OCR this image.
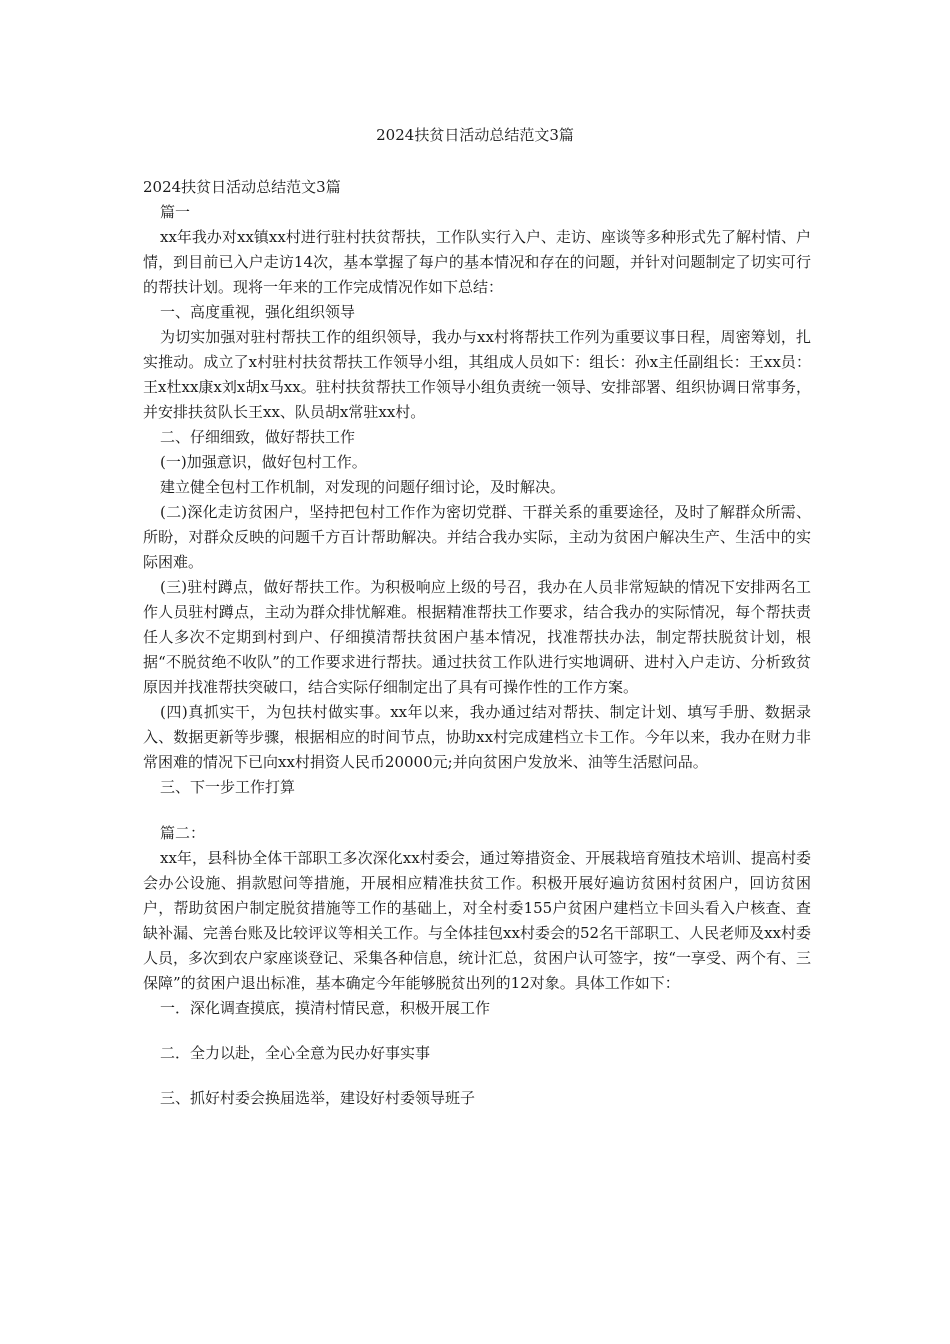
2024扶贫日活动总结范文3篇

2024扶贫日活动总结范文3篇

篇一

xx年我办对xx镇xx村进行驻村扶贫帮扶，工作队实行入户、走访、座谈等多种形式先了解村情、户情，到目前已入户走访14次，基本掌握了每户的基本情况和存在的问题，并针对问题制定了切实可行的帮扶计划。现将一年来的工作完成情况作如下总结：

一、高度重视，强化组织领导

为切实加强对驻村帮扶工作的组织领导，我办与xx村将帮扶工作列为重要议事日程，周密筹划，扎实推动。成立了x村驻村扶贫帮扶工作领导小组，其组成人员如下：组长：孙x主任副组长：王xx员：王x杜xx康x刘x胡x马xx。驻村扶贫帮扶工作领导小组负责统一领导、安排部署、组织协调日常事务，并安排扶贫队长王xx、队员胡x常驻xx村。

二、仔细细致，做好帮扶工作

(一)加强意识，做好包村工作。

建立健全包村工作机制，对发现的问题仔细讨论，及时解决。

(二)深化走访贫困户，坚持把包村工作作为密切党群、干群关系的重要途径，及时了解群众所需、所盼，对群众反映的问题千方百计帮助解决。并结合我办实际，主动为贫困户解决生产、生活中的实际困难。

(三)驻村蹲点，做好帮扶工作。为积极响应上级的号召，我办在人员非常短缺的情况下安排两名工作人员驻村蹲点，主动为群众排忧解难。根据精准帮扶工作要求，结合我办的实际情况，每个帮扶责任人多次不定期到村到户、仔细摸清帮扶贫困户基本情况，找准帮扶办法，制定帮扶脱贫计划，根据“不脱贫绝不收队”的工作要求进行帮扶。通过扶贫工作队进行实地调研、进村入户走访、分析致贫原因并找准帮扶突破口，结合实际仔细制定出了具有可操作性的工作方案。

(四)真抓实干，为包扶村做实事。xx年以来，我办通过结对帮扶、制定计划、填写手册、数据录入、数据更新等步骤，根据相应的时间节点，协助xx村完成建档立卡工作。今年以来，我办在财力非常困难的情况下已向xx村捐资人民币20000元;并向贫困户发放米、油等生活慰问品。

三、下一步工作打算

篇二：

xx年，县科协全体干部职工多次深化xx村委会，通过筹措资金、开展栽培育殖技术培训、提高村委会办公设施、捐款慰问等措施，开展相应精准扶贫工作。积极开展好遍访贫困村贫困户，回访贫困户，帮助贫困户制定脱贫措施等工作的基础上，对全村委155户贫困户建档立卡回头看入户核查、查缺补漏、完善台账及比较评议等相关工作。与全体挂包xx村委会的52名干部职工、人民老师及xx村委人员，多次到农户家座谈登记、采集各种信息，统计汇总，贫困户认可签字，按“一享受、两个有、三保障”的贫困户退出标准，基本确定今年能够脱贫出列的12对象。具体工作如下：

一．深化调查摸底，摸清村情民意，积极开展工作

二．全力以赴，全心全意为民办好事实事

三、抓好村委会换届选举，建设好村委领导班子
